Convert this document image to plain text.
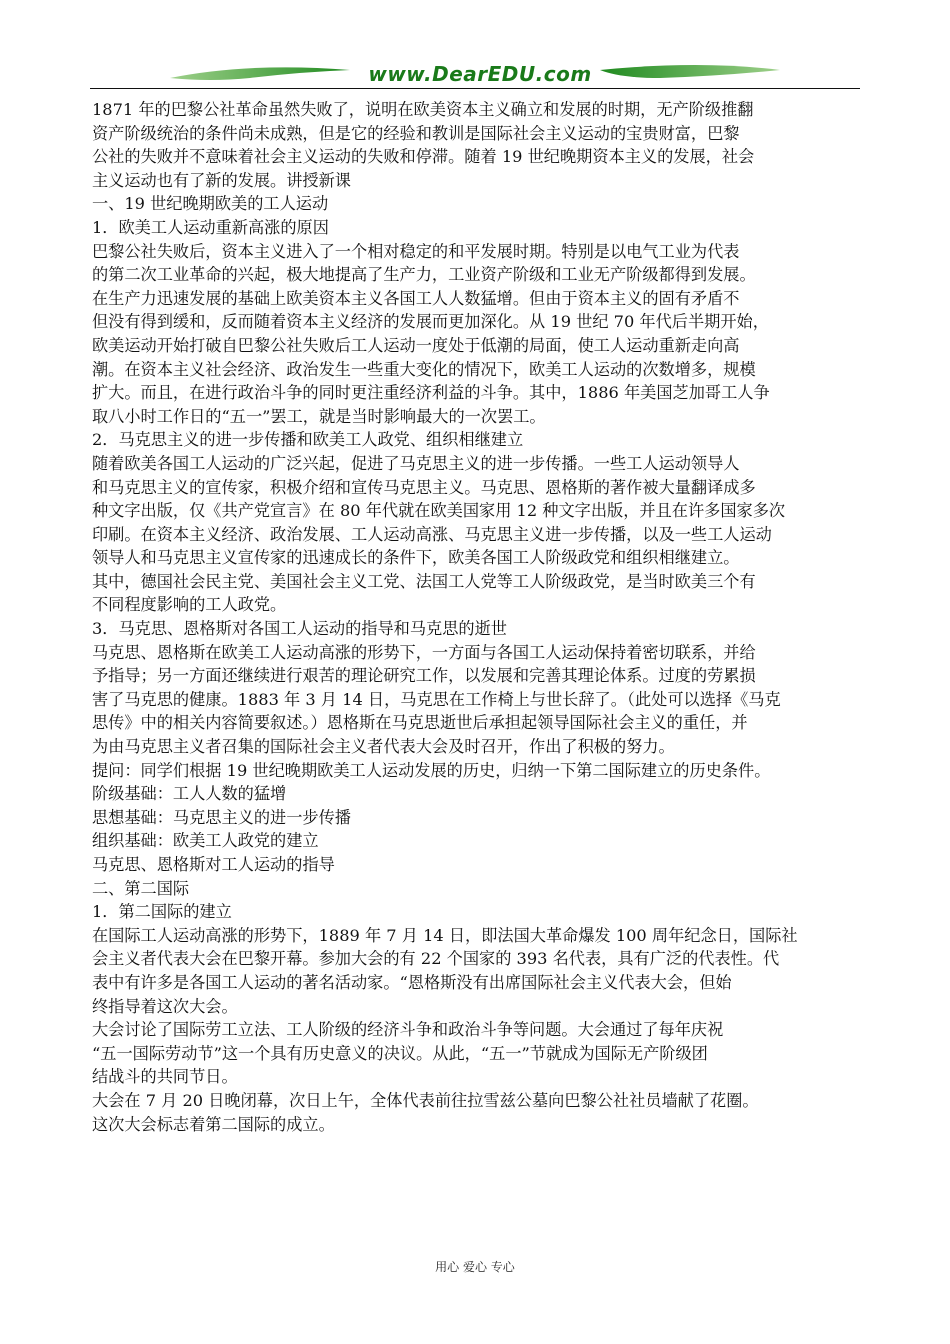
www.DearEDU.com
1871 年的巴黎公社革命虽然失败了，说明在欧美资本主义确立和发展的时期，无产阶级推翻
资产阶级统治的条件尚未成熟，但是它的经验和教训是国际社会主义运动的宝贵财富，巴黎
公社的失败并不意味着社会主义运动的失败和停滞。随着 19 世纪晚期资本主义的发展，社会
主义运动也有了新的发展。讲授新课
一、19 世纪晚期欧美的工人运动
1．欧美工人运动重新高涨的原因
巴黎公社失败后，资本主义进入了一个相对稳定的和平发展时期。特别是以电气工业为代表
的第二次工业革命的兴起，极大地提高了生产力，工业资产阶级和工业无产阶级都得到发展。
在生产力迅速发展的基础上欧美资本主义各国工人人数猛增。但由于资本主义的固有矛盾不
但没有得到缓和，反而随着资本主义经济的发展而更加深化。从 19 世纪 70 年代后半期开始，
欧美运动开始打破自巴黎公社失败后工人运动一度处于低潮的局面，使工人运动重新走向高
潮。在资本主义社会经济、政治发生一些重大变化的情况下，欧美工人运动的次数增多，规模
扩大。而且，在进行政治斗争的同时更注重经济利益的斗争。其中，1886 年美国芝加哥工人争
取八小时工作日的“五一”罢工，就是当时影响最大的一次罢工。
2．马克思主义的进一步传播和欧美工人政党、组织相继建立
随着欧美各国工人运动的广泛兴起，促进了马克思主义的进一步传播。一些工人运动领导人
和马克思主义的宣传家，积极介绍和宣传马克思主义。马克思、恩格斯的著作被大量翻译成多
种文字出版，仅《共产党宣言》在 80 年代就在欧美国家用 12 种文字出版，并且在许多国家多次
印刷。在资本主义经济、政治发展、工人运动高涨、马克思主义进一步传播，以及一些工人运动
领导人和马克思主义宣传家的迅速成长的条件下，欧美各国工人阶级政党和组织相继建立。
其中，德国社会民主党、美国社会主义工党、法国工人党等工人阶级政党，是当时欧美三个有
不同程度影响的工人政党。
3．马克思、恩格斯对各国工人运动的指导和马克思的逝世
马克思、恩格斯在欧美工人运动高涨的形势下，一方面与各国工人运动保持着密切联系，并给
予指导；另一方面还继续进行艰苦的理论研究工作，以发展和完善其理论体系。过度的劳累损
害了马克思的健康。1883 年 3 月 14 日，马克思在工作椅上与世长辞了。（此处可以选择《马克
思传》中的相关内容简要叙述。）恩格斯在马克思逝世后承担起领导国际社会主义的重任，并
为由马克思主义者召集的国际社会主义者代表大会及时召开，作出了积极的努力。
提问：同学们根据 19 世纪晚期欧美工人运动发展的历史，归纳一下第二国际建立的历史条件。
阶级基础：工人人数的猛增
思想基础：马克思主义的进一步传播
组织基础：欧美工人政党的建立
马克思、恩格斯对工人运动的指导
二、第二国际
1．第二国际的建立
在国际工人运动高涨的形势下，1889 年 7 月 14 日，即法国大革命爆发 100 周年纪念日，国际社
会主义者代表大会在巴黎开幕。参加大会的有 22 个国家的 393 名代表，具有广泛的代表性。代
表中有许多是各国工人运动的著名活动家。“恩格斯没有出席国际社会主义代表大会，但始
终指导着这次大会。
大会讨论了国际劳工立法、工人阶级的经济斗争和政治斗争等问题。大会通过了每年庆祝
“五一国际劳动节”这一个具有历史意义的决议。从此，“五一”节就成为国际无产阶级团
结战斗的共同节日。
大会在 7 月 20 日晚闭幕，次日上午，全体代表前往拉雪兹公墓向巴黎公社社员墙献了花圈。
这次大会标志着第二国际的成立。
用心 爱心 专心
